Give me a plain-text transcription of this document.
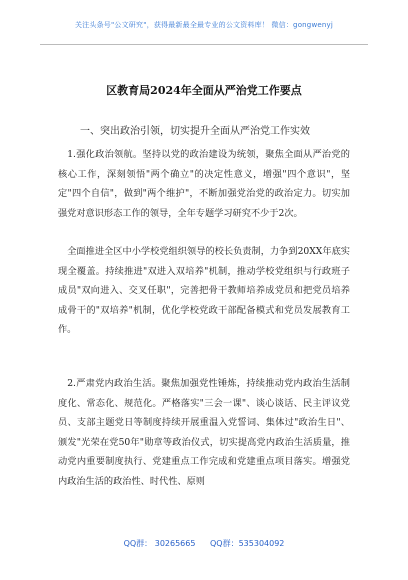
关注头条号"公文研究"，获得最新最全最专业的公文资料库！ 微信：gongwenyj
区教育局2024年全面从严治党工作要点
一、突出政治引领，切实提升全面从严治党工作实效
1.强化政治领航。坚持以党的政治建设为统领，聚焦全面从严治党的核心工作，深刻领悟"两个确立"的决定性意义，增强"四个意识"，坚定"四个自信"，做到"两个维护"，不断加强党治党的政治定力。切实加强党对意识形态工作的领导，全年专题学习研究不少于2次。
全面推进全区中小学校党组织领导的校长负责制，力争到20XX年底实现全覆盖。持续推进"双进入双培养"机制，推动学校党组织与行政班子成员"双向进入、交叉任职"，完善把骨干教师培养成党员和把党员培养成骨干的"双培养"机制，优化学校党政干部配备模式和党员发展教育工作。
2.严肃党内政治生活。聚焦加强党性锤炼，持续推动党内政治生活制度化、常态化、规范化。严格落实"三会一课"、谈心谈话、民主评议党员、支部主题党日等制度持续开展重温入党誓词、集体过"政治生日"、颁发"光荣在党50年"勋章等政治仪式，切实提高党内政治生活质量，推动党内重要制度执行、党建重点工作完成和党建重点项目落实。增强党内政治生活的政治性、时代性、原则
QQ群： 30265665 QQ群：535304092
